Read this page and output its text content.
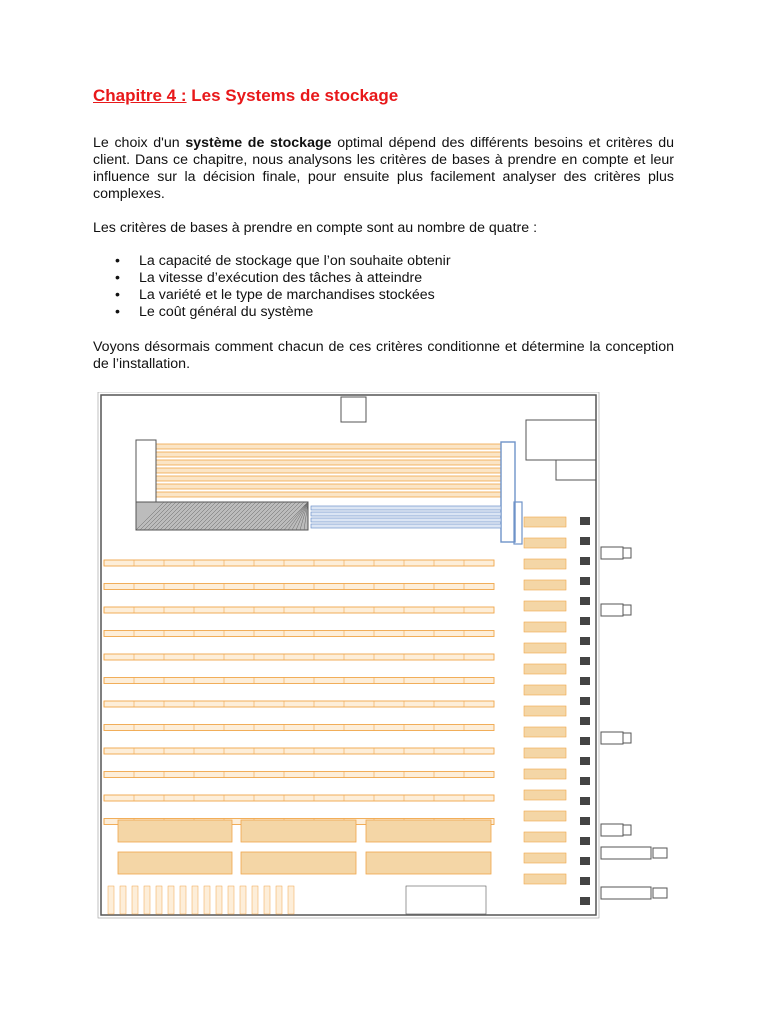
Chapitre 4 : Les Systems de stockage

Le choix d'un système de stockage optimal dépend des différents besoins et critères du client. Dans ce chapitre, nous analysons les critères de bases à prendre en compte et leur influence sur la décision finale, pour ensuite plus facilement analyser des critères plus complexes.

Les critères de bases à prendre en compte sont au nombre de quatre :

• La capacité de stockage que l’on souhaite obtenir
• La vitesse d’exécution des tâches à atteindre
• La variété et le type de marchandises stockées
• Le coût général du système

Voyons désormais comment chacun de ces critères conditionne et détermine la conception de l’installation.
